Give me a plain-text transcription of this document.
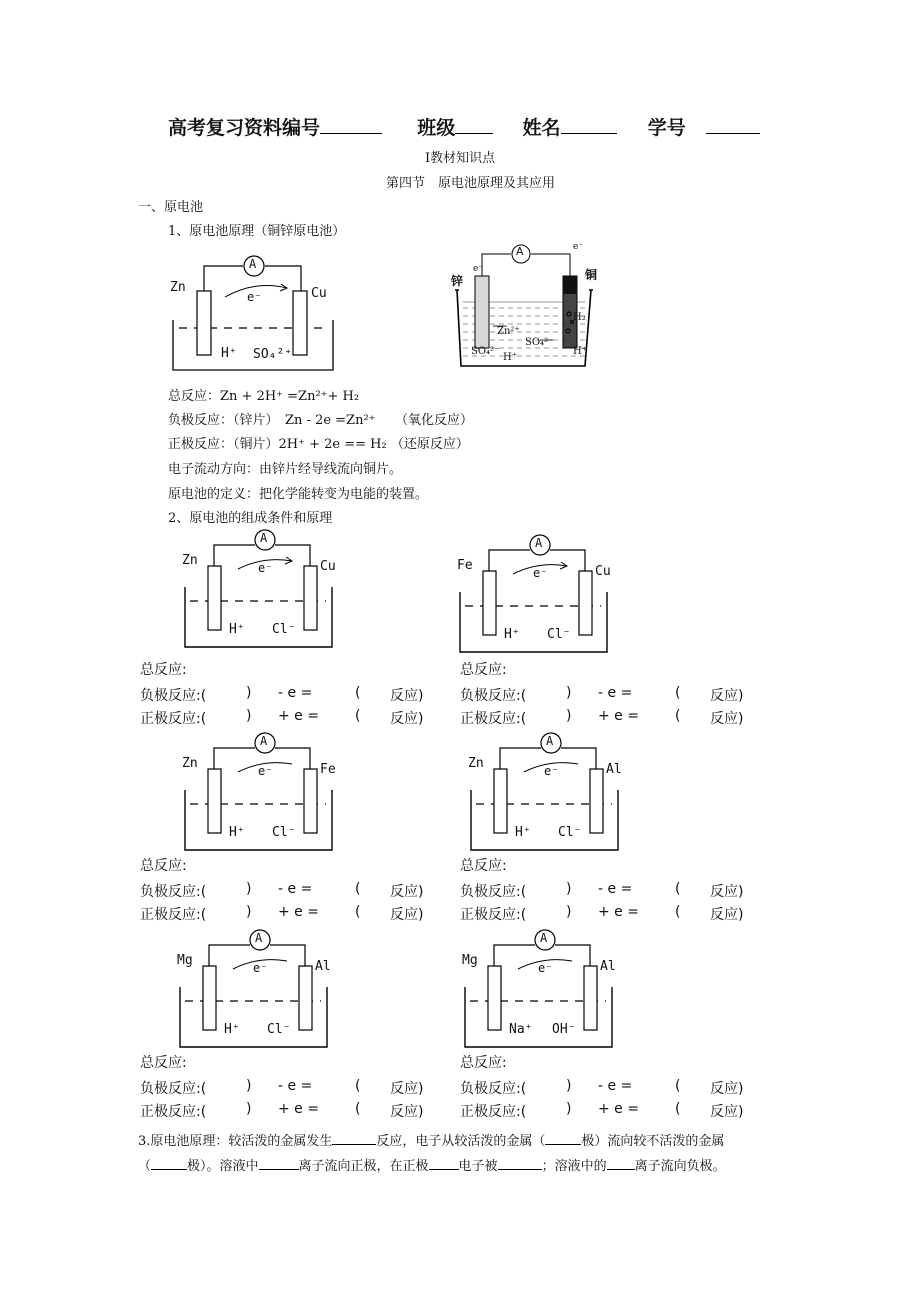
高考复习资料编号	班级	姓名	学号
Ⅰ教材知识点
第四节　原电池原理及其应用
一、原电池
1、原电池原理（铜锌原电池）
A
Zn	Cu
e⁻
H⁺ SO₄²⁺
A
锌	铜
e⁻
e⁻
H₂
Zn²⁺
SO₄²⁻
H⁺
SO₄²⁻
H⁺
总反应：Zn + 2H⁺ =Zn²⁺+ H₂
负极反应：（锌片）　Zn - 2e =Zn²⁺　　（氧化反应）
正极反应：（铜片）2H⁺ + 2e == H₂ （还原反应）
电子流动方向：由锌片经导线流向铜片。
原电池的定义：把化学能转变为电能的装置。
2、原电池的组成条件和原理
A
Zn	Cu
e⁻
H⁺ Cl⁻
A
Fe	Cu
e⁻
H⁺ Cl⁻
A
Zn	Fe
e⁻
H⁺ Cl⁻
A
Zn	Al
e⁻
H⁺ Cl⁻
A
Mg	Al
e⁻
H⁺ Cl⁻
A
Mg	Al
e⁻
Na⁺ OH⁻
总反应:
负极反应:(	) - e =	( 反应)
正极反应:(	) + e =	( 反应)
总反应:
负极反应:(	) - e =	( 反应)
正极反应:(	) + e =	( 反应)
总反应:
负极反应:(	) - e =	( 反应)
正极反应:(	) + e =	( 反应)
总反应:
负极反应:(	) - e =	( 反应)
正极反应:(	) + e =	( 反应)
总反应:
负极反应:(	) - e =	( 反应)
正极反应:(	) + e =	( 反应)
总反应:
负极反应:(	) - e =	( 反应)
正极反应:(	) + e =	( 反应)
3.原电池原理：较活泼的金属发生	反应，电子从较活泼的金属（	极）流向较不活泼的金属
（	极）。溶液中	离子流向正极，在正极 电子被	；溶液中的 离子流向负极。
